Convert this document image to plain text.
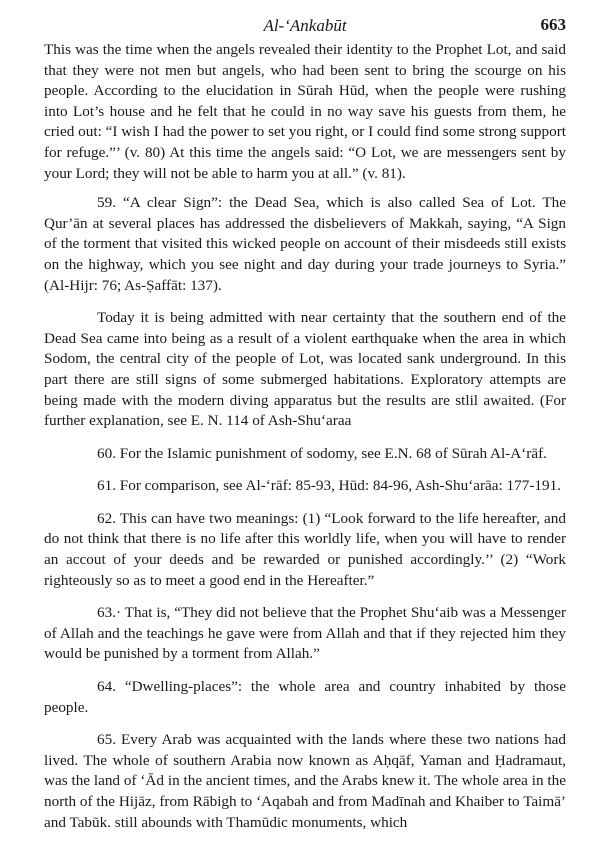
Al-‘Ankabūt	663

This was the time when the angels revealed their identity to the Prophet Lot, and said that they were not men but angels, who had been sent to bring the scourge on his people. According to the elucidation in Sūrah Hūd, when the people were rushing into Lot’s house and he felt that he could in no way save his guests from them, he cried out: “I wish I had the power to set you right, or I could find some strong support for refuge.”’ (v. 80) At this time the angels said: “O Lot, we are messengers sent by your Lord; they will not be able to harm you at all.” (v. 81).

59. “A clear Sign”: the Dead Sea, which is also called Sea of Lot. The Qur’ān at several places has addressed the disbelievers of Makkah, saying, “A Sign of the torment that visited this wicked people on account of their misdeeds still exists on the highway, which you see night and day during your trade journeys to Syria.” (Al-Hijr: 76; As-Ṣaffāt: 137).

Today it is being admitted with near certainty that the southern end of the Dead Sea came into being as a result of a violent earthquake when the area in which Sodom, the central city of the people of Lot, was located sank underground. In this part there are still signs of some submerged habitations. Exploratory attempts are being made with the modern diving apparatus but the results are stlil awaited. (For further explanation, see E. N. 114 of Ash-Shu‘araa

60. For the Islamic punishment of sodomy, see E.N. 68 of Sūrah Al-A‘rāf.

61. For comparison, see Al-‘rāf: 85-93, Hūd: 84-96, Ash-Shu‘arāa: 177-191.

62. This can have two meanings: (1) “Look forward to the life hereafter, and do not think that there is no life after this worldly life, when you will have to render an accout of your deeds and be rewarded or punished accordingly.’’ (2) “Work righteously so as to meet a good end in the Hereafter.”

63.· That is, “They did not believe that the Prophet Shu‘aib was a Messenger of Allah and the teachings he gave were from Allah and that if they rejected him they would be punished by a torment from Allah.”

64. “Dwelling-places”: the whole area and country inhabited by those people.

65. Every Arab was acquainted with the lands where these two nations had lived. The whole of southern Arabia now known as Aḥqāf, Yaman and Ḥadramaut, was the land of ‘Ād in the ancient times, and the Arabs knew it. The whole area in the north of the Hijāz, from Rābigh to ‘Aqabah and from Madīnah and Khaiber to Taimā’ and Tabūk. still abounds with Thamūdic monuments, which
